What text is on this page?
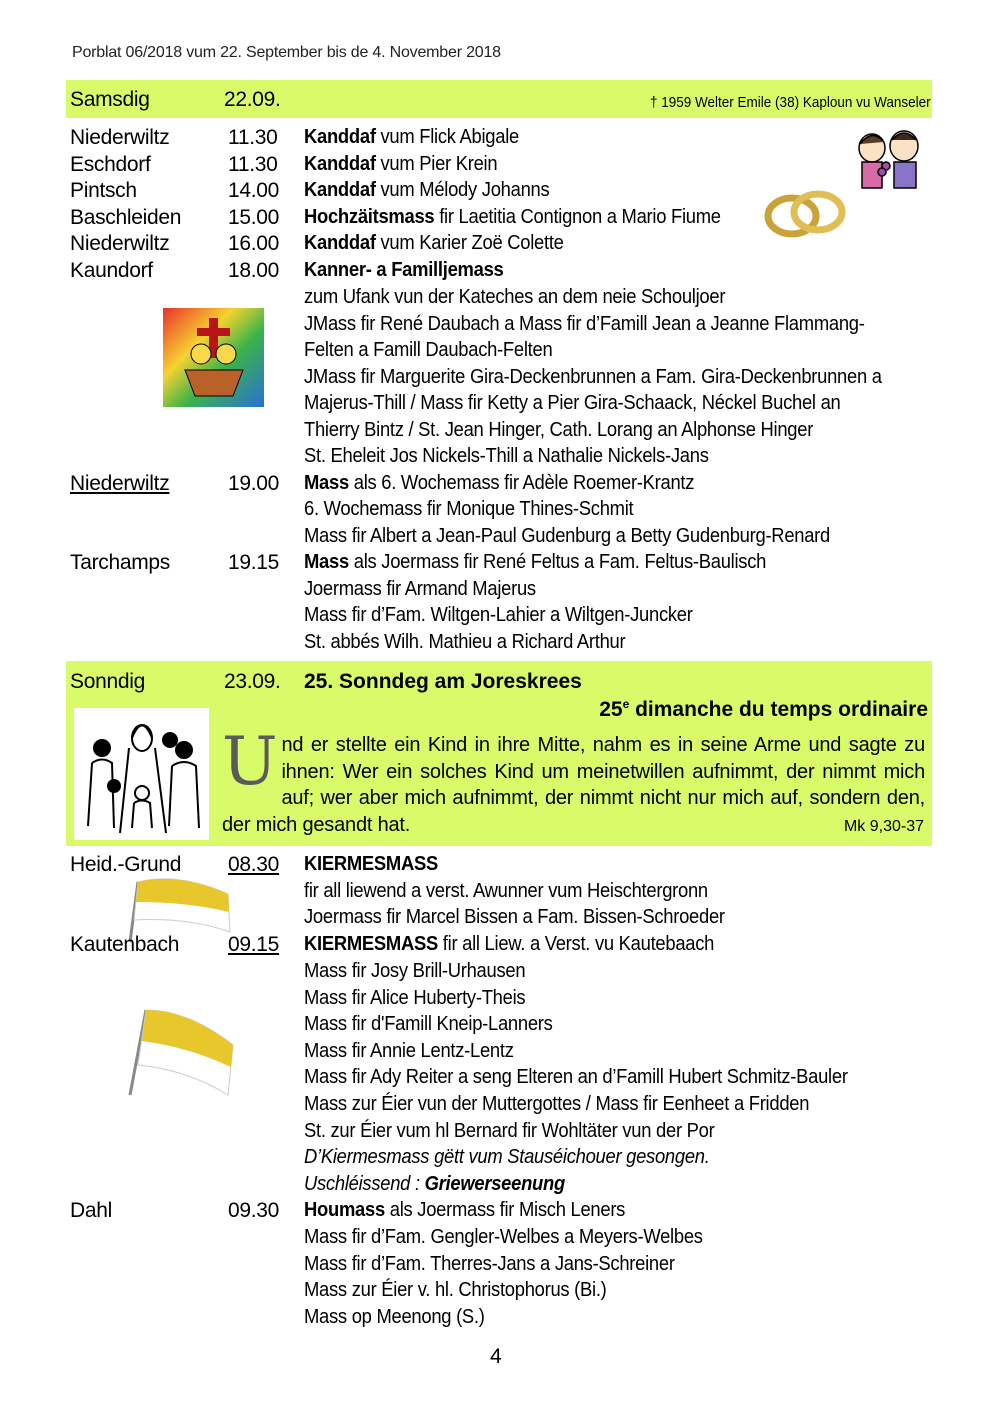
Porblat 06/2018 vum 22. September bis de 4. November 2018
Samsdig	22.09.	† 1959 Welter Emile (38) Kaploun vu Wanseler
Niederwiltz	11.30 Kanddaf vum Flick Abigale
Eschdorf	11.30 Kanddaf vum Pier Krein
Pintsch	14.00 Kanddaf vum Mélody Johanns
Baschleiden 15.00 Hochzäitsmass fir Laetitia Contignon a Mario Fiume
Niederwiltz	16.00 Kanddaf vum Karier Zoë Colette
Kaundorf	18.00 Kanner- a Familljemass
zum Ufank vun der Kateches an dem neie Schouljoer
JMass fir René Daubach a Mass fir d’Famill Jean a Jeanne Flammang-
Felten a Famill Daubach-Felten
JMass fir Marguerite Gira-Deckenbrunnen a Fam. Gira-Deckenbrunnen a
Majerus-Thill / Mass fir Ketty a Pier Gira-Schaack, Néckel Buchel an
Thierry Bintz / St. Jean Hinger, Cath. Lorang an Alphonse Hinger
St. Eheleit Jos Nickels-Thill a Nathalie Nickels-Jans
Niederwiltz	19.00 Mass als 6. Wochemass fir Adèle Roemer-Krantz
6. Wochemass fir Monique Thines-Schmit
Mass fir Albert a Jean-Paul Gudenburg a Betty Gudenburg-Renard
Tarchamps	19.15 Mass als Joermass fir René Feltus a Fam. Feltus-Baulisch
Joermass fir Armand Majerus
Mass fir d’Fam. Wiltgen-Lahier a Wiltgen-Juncker
St. abbés Wilh. Mathieu a Richard Arthur
Sonndig	23.09. 25. Sonndeg am Joreskrees
25e dimanche du temps ordinaire
Und er stellte ein Kind in ihre Mitte, nahm es in seine Arme und sagte zu ihnen: Wer ein solches Kind um meinetwillen aufnimmt, der nimmt mich auf; wer aber mich aufnimmt, der nimmt nicht nur mich auf, sondern den, der mich gesandt hat.	Mk 9,30-37
Heid.-Grund 08.30 KIERMESMASS
fir all liewend a verst. Awunner vum Heischtergronn
Joermass fir Marcel Bissen a Fam. Bissen-Schroeder
Kautenbach 09.15 KIERMESMASS fir all Liew. a Verst. vu Kautebaach
Mass fir Josy Brill-Urhausen
Mass fir Alice Huberty-Theis
Mass fir d'Famill Kneip-Lanners
Mass fir Annie Lentz-Lentz
Mass fir Ady Reiter a seng Elteren an d’Famill Hubert Schmitz-Bauler
Mass zur Éier vun der Muttergottes / Mass fir Eenheet a Fridden
St. zur Éier vum hl Bernard fir Wohltäter vun der Por
D’Kiermesmass gëtt vum Stauséichouer gesongen.
Uschléissend : Griewerseenung
Dahl	09.30 Houmass als Joermass fir Misch Leners
Mass fir d’Fam. Gengler-Welbes a Meyers-Welbes
Mass fir d’Fam. Therres-Jans a Jans-Schreiner
Mass zur Éier v. hl. Christophorus (Bi.)
Mass op Meenong (S.)
4
